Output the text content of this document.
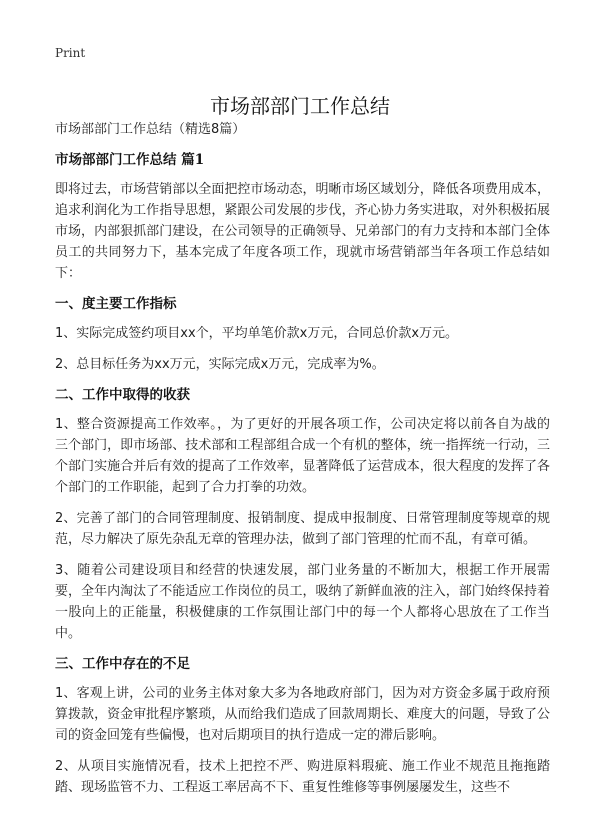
Print
市场部部门工作总结

市场部部门工作总结（精选8篇）

市场部部门工作总结 篇1

即将过去，市场营销部以全面把控市场动态，明晰市场区域划分，降低各项费用成本，追求利润化为工作指导思想，紧跟公司发展的步伐，齐心协力务实进取，对外积极拓展市场，内部狠抓部门建设，在公司领导的正确领导、兄弟部门的有力支持和本部门全体员工的共同努力下，基本完成了年度各项工作，现就市场营销部当年各项工作总结如下：

一、度主要工作指标

1、实际完成签约项目xx个，平均单笔价款x万元，合同总价款x万元。

2、总目标任务为xx万元，实际完成x万元，完成率为%。

二、工作中取得的收获

1、整合资源提高工作效率。，为了更好的开展各项工作，公司决定将以前各自为战的三个部门，即市场部、技术部和工程部组合成一个有机的整体，统一指挥统一行动，三个部门实施合并后有效的提高了工作效率，显著降低了运营成本，很大程度的发挥了各个部门的工作职能，起到了合力打拳的功效。

2、完善了部门的合同管理制度、报销制度、提成申报制度、日常管理制度等规章的规范，尽力解决了原先杂乱无章的管理办法，做到了部门管理的忙而不乱，有章可循。

3、随着公司建设项目和经营的快速发展，部门业务量的不断加大，根据工作开展需要，全年内淘汰了不能适应工作岗位的员工，吸纳了新鲜血液的注入，部门始终保持着一股向上的正能量，积极健康的工作氛围让部门中的每一个人都将心思放在了工作当中。

三、工作中存在的不足

1、客观上讲，公司的业务主体对象大多为各地政府部门，因为对方资金多属于政府预算拨款，资金审批程序繁琐，从而给我们造成了回款周期长、难度大的问题，导致了公司的资金回笼有些偏慢，也对后期项目的执行造成一定的滞后影响。

2、从项目实施情况看，技术上把控不严、购进原料瑕疵、施工作业不规范且拖拖踏踏、现场监管不力、工程返工率居高不下、重复性维修等事例屡屡发生，这些不
